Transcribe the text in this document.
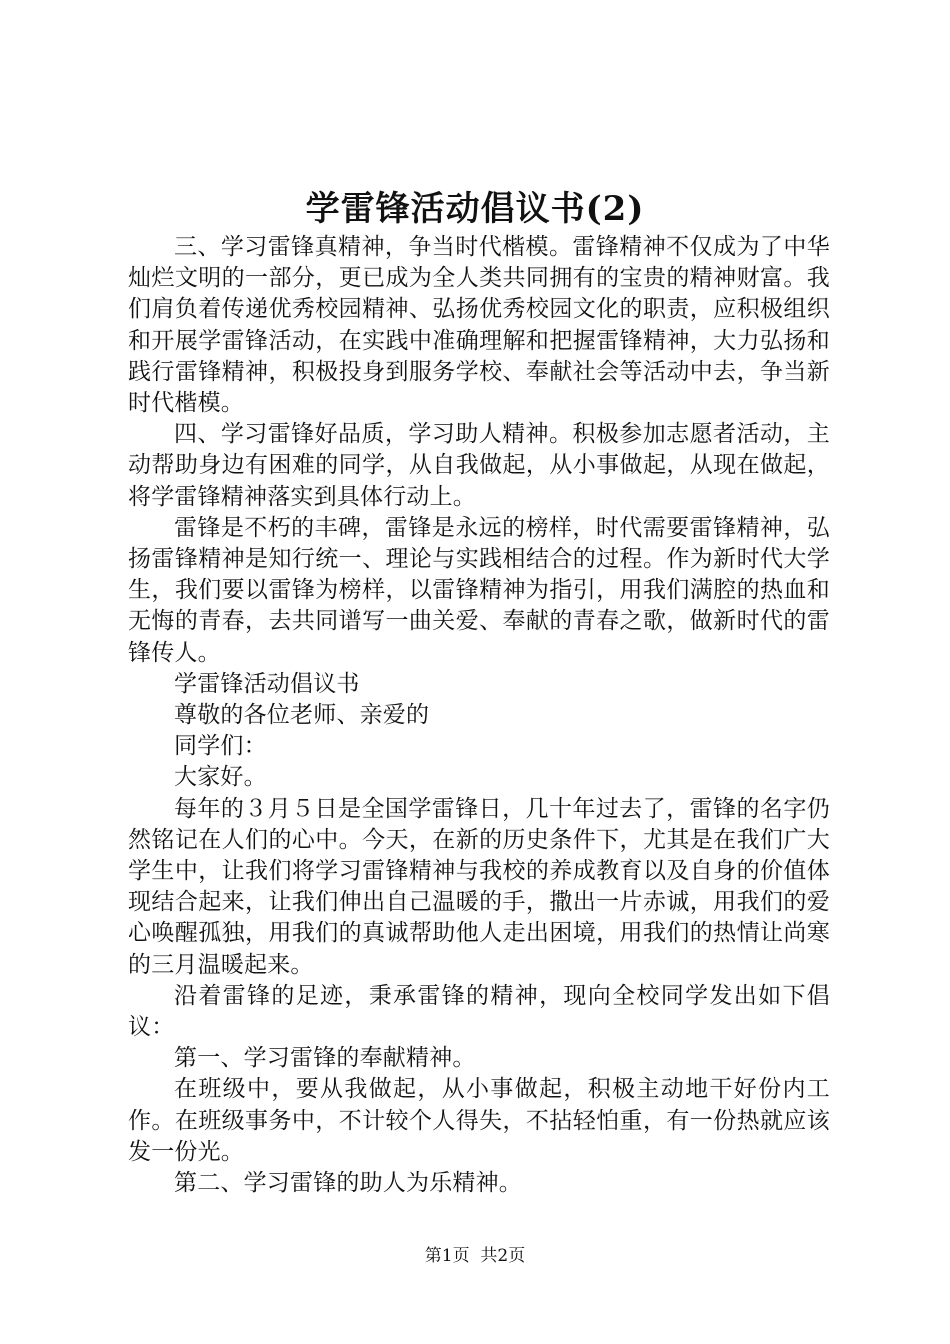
学雷锋活动倡议书(2)

三、学习雷锋真精神，争当时代楷模。雷锋精神不仅成为了中华灿烂文明的一部分，更已成为全人类共同拥有的宝贵的精神财富。我们肩负着传递优秀校园精神、弘扬优秀校园文化的职责，应积极组织和开展学雷锋活动，在实践中准确理解和把握雷锋精神，大力弘扬和践行雷锋精神，积极投身到服务学校、奉献社会等活动中去，争当新时代楷模。

四、学习雷锋好品质，学习助人精神。积极参加志愿者活动，主动帮助身边有困难的同学，从自我做起，从小事做起，从现在做起，将学雷锋精神落实到具体行动上。

雷锋是不朽的丰碑，雷锋是永远的榜样，时代需要雷锋精神，弘扬雷锋精神是知行统一、理论与实践相结合的过程。作为新时代大学生，我们要以雷锋为榜样，以雷锋精神为指引，用我们满腔的热血和无悔的青春，去共同谱写一曲关爱、奉献的青春之歌，做新时代的雷锋传人。

学雷锋活动倡议书

尊敬的各位老师、亲爱的

同学们：

大家好。

每年的３月５日是全国学雷锋日，几十年过去了，雷锋的名字仍然铭记在人们的心中。今天，在新的历史条件下，尤其是在我们广大学生中，让我们将学习雷锋精神与我校的养成教育以及自身的价值体现结合起来，让我们伸出自己温暖的手，撒出一片赤诚，用我们的爱心唤醒孤独，用我们的真诚帮助他人走出困境，用我们的热情让尚寒的三月温暖起来。

沿着雷锋的足迹，秉承雷锋的精神，现向全校同学发出如下倡议：

第一、学习雷锋的奉献精神。

在班级中，要从我做起，从小事做起，积极主动地干好份内工作。在班级事务中，不计较个人得失，不拈轻怕重，有一份热就应该发一份光。

第二、学习雷锋的助人为乐精神。

第1页 共2页
